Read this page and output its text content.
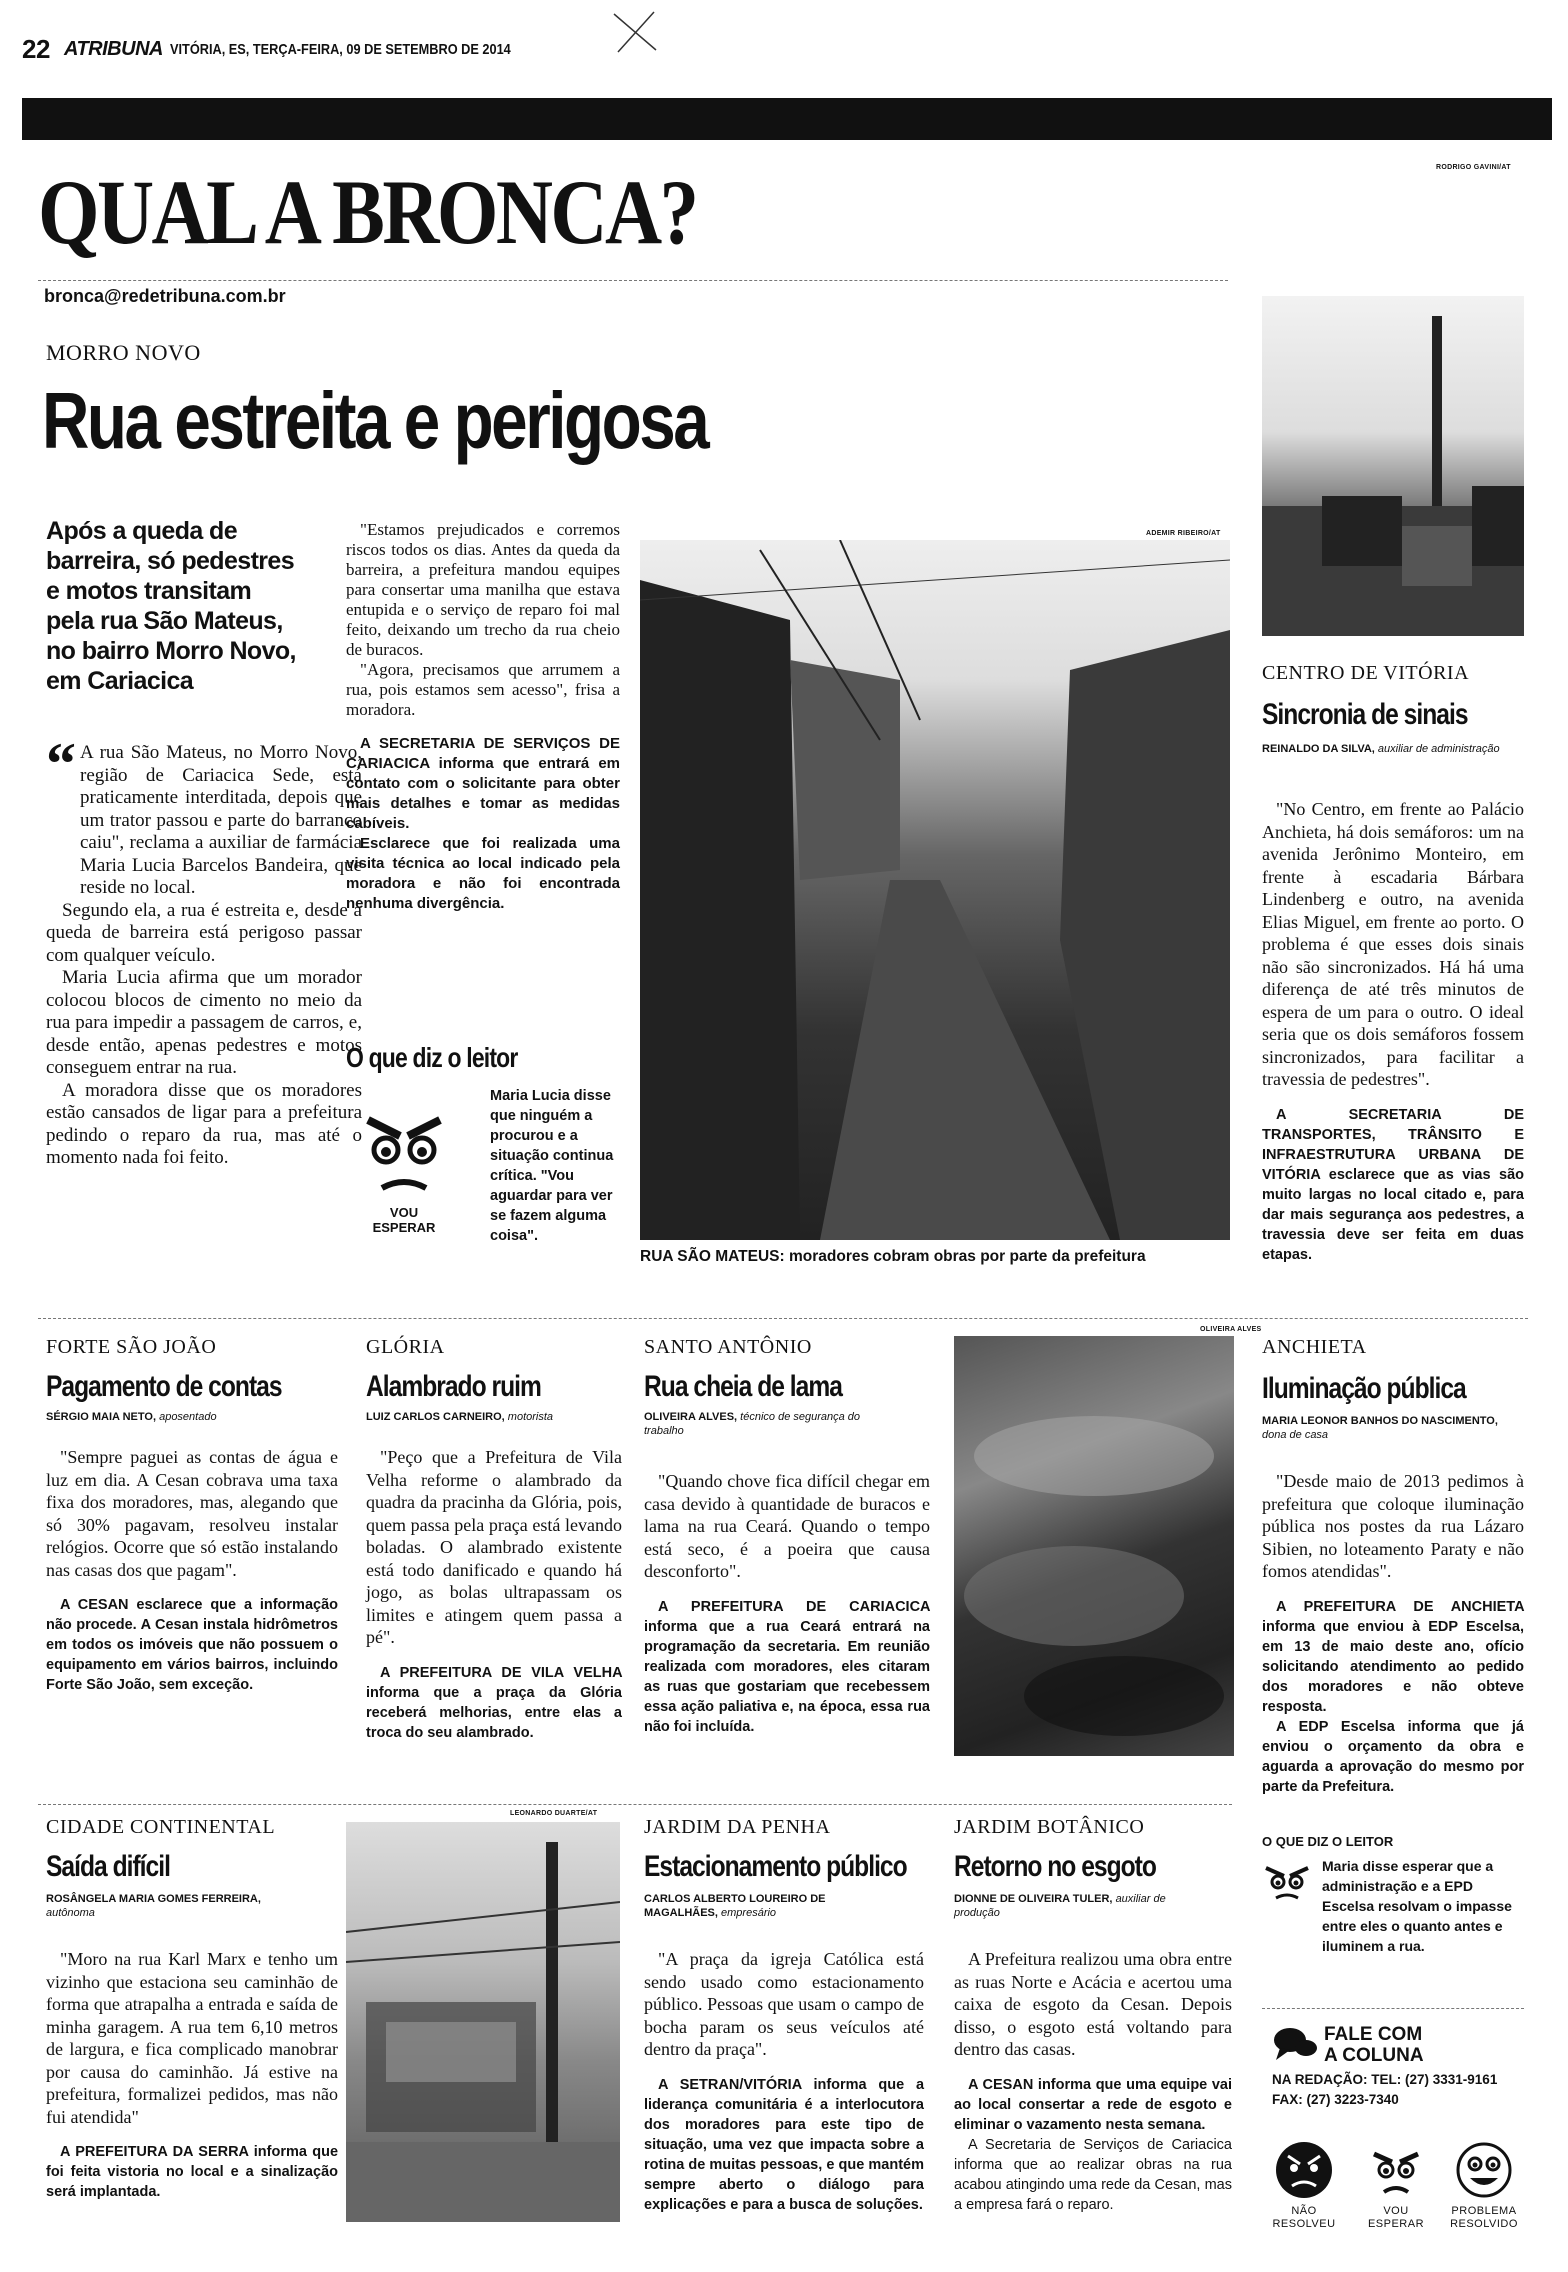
22 ATRIBUNA VITÓRIA, ES, TERÇA-FEIRA, 09 DE SETEMBRO DE 2014
QUAL A BRONCA?	RODRIGO GAVINI/AT
bronca@redetribuna.com.br
MORRO NOVO
Rua estreita e perigosa
Após a queda de barreira, só pedestres e motos transitam pela rua São Mateus, no bairro Morro Novo, em Cariacica
“ A rua São Mateus, no Morro Novo, região de Cariacica Sede, está praticamente interditada, depois que um trator passou e parte do barranco caiu", reclama a auxiliar de farmácia Maria Lucia Barcelos Bandeira, que reside no local.

Segundo ela, a rua é estreita e, desde a queda de barreira está perigoso passar com qualquer veículo.

Maria Lucia afirma que um morador colocou blocos de cimento no meio da rua para impedir a passagem de carros, e, desde então, apenas pedestres e motos conseguem entrar na rua.

A moradora disse que os moradores estão cansados de ligar para a prefeitura pedindo o reparo da rua, mas até o momento nada foi feito.

"Estamos prejudicados e corremos riscos todos os dias. Antes da queda da barreira, a prefeitura mandou equipes para consertar uma manilha que estava entupida e o serviço de reparo foi mal feito, deixando um trecho da rua cheio de buracos.

"Agora, precisamos que arrumem a rua, pois estamos sem acesso", frisa a moradora.

A SECRETARIA DE SERVIÇOS DE CARIACICA informa que entrará em contato com o solicitante para obter mais detalhes e tomar as medidas cabíveis.

Esclarece que foi realizada uma visita técnica ao local indicado pela moradora e não foi encontrada nenhuma divergência.

O que diz o leitor
VOU ESPERAR
Maria Lucia disse que ninguém a procurou e a situação continua crítica. "Vou aguardar para ver se fazem alguma coisa".
ADEMIR RIBEIRO/AT
RUA SÃO MATEUS: moradores cobram obras por parte da prefeitura
CENTRO DE VITÓRIA
Sincronia de sinais
REINALDO DA SILVA, auxiliar de administração

"No Centro, em frente ao Palácio Anchieta, há dois semáforos: um na avenida Jerônimo Monteiro, em frente à escadaria Bárbara Lindenberg e outro, na avenida Elias Miguel, em frente ao porto. O problema é que esses dois sinais não são sincronizados. Há há uma diferença de até três minutos de espera de um para o outro. O ideal seria que os dois semáforos fossem sincronizados, para facilitar a travessia de pedestres".

A SECRETARIA DE TRANSPORTES, TRÂNSITO E INFRAESTRUTURA URBANA DE VITÓRIA esclarece que as vias são muito largas no local citado e, para dar mais segurança aos pedestres, a travessia deve ser feita em duas etapas.

FORTE SÃO JOÃO
Pagamento de contas
SÉRGIO MAIA NETO, aposentado

"Sempre paguei as contas de água e luz em dia. A Cesan cobrava uma taxa fixa dos moradores, mas, alegando que só 30% pagavam, resolveu instalar relógios. Ocorre que só estão instalando nas casas dos que pagam".

A CESAN esclarece que a informação não procede. A Cesan instala hidrômetros em todos os imóveis que não possuem o equipamento em vários bairros, incluindo Forte São João, sem exceção.

GLÓRIA
Alambrado ruim
LUIZ CARLOS CARNEIRO, motorista

"Peço que a Prefeitura de Vila Velha reforme o alambrado da quadra da pracinha da Glória, pois, quem passa pela praça está levando boladas. O alambrado existente está todo danificado e quando há jogo, as bolas ultrapassam os limites e atingem quem passa a pé".

A PREFEITURA DE VILA VELHA informa que a praça da Glória receberá melhorias, entre elas a troca do seu alambrado.

SANTO ANTÔNIO
Rua cheia de lama
OLIVEIRA ALVES, técnico de segurança do trabalho

"Quando chove fica difícil chegar em casa devido à quantidade de buracos e lama na rua Ceará. Quando o tempo está seco, é a poeira que causa desconforto".

A PREFEITURA DE CARIACICA informa que a rua Ceará entrará na programação da secretaria. Em reunião realizada com moradores, eles citaram as ruas que gostariam que recebessem essa ação paliativa e, na época, essa rua não foi incluída.

OLIVEIRA ALVES
ANCHIETA
Iluminação pública
MARIA LEONOR BANHOS DO NASCIMENTO, dona de casa

"Desde maio de 2013 pedimos à prefeitura que coloque iluminação pública nos postes da rua Lázaro Sibien, no loteamento Paraty e não fomos atendidas".

A PREFEITURA DE ANCHIETA informa que enviou à EDP Escelsa, em 13 de maio deste ano, ofício solicitando atendimento ao pedido dos moradores e não obteve resposta.

A EDP Escelsa informa que já enviou o orçamento da obra e aguarda a aprovação do mesmo por parte da Prefeitura.

O QUE DIZ O LEITOR
Maria disse esperar que a administração e a EPD Escelsa resolvam o impasse entre eles o quanto antes e iluminem a rua.
CIDADE CONTINENTAL
Saída difícil
ROSÂNGELA MARIA GOMES FERREIRA, autônoma

"Moro na rua Karl Marx e tenho um vizinho que estaciona seu caminhão de forma que atrapalha a entrada e saída de minha garagem. A rua tem 6,10 metros de largura, e fica complicado manobrar por causa do caminhão. Já estive na prefeitura, formalizei pedidos, mas não fui atendida"

A PREFEITURA DA SERRA informa que foi feita vistoria no local e a sinalização será implantada.

LEONARDO DUARTE/AT
JARDIM DA PENHA
Estacionamento público
CARLOS ALBERTO LOUREIRO DE MAGALHÃES, empresário

"A praça da igreja Católica está sendo usado como estacionamento público. Pessoas que usam o campo de bocha param os seus veículos até dentro da praça".

A SETRAN/VITÓRIA informa que a liderança comunitária é a interlocutora dos moradores para este tipo de situação, uma vez que impacta sobre a rotina de muitas pessoas, e que mantém sempre aberto o diálogo para explicações e para a busca de soluções.

JARDIM BOTÂNICO
Retorno no esgoto
DIONNE DE OLIVEIRA TULER, auxiliar de produção

A Prefeitura realizou uma obra entre as ruas Norte e Acácia e acertou uma caixa de esgoto da Cesan. Depois disso, o esgoto está voltando para dentro das casas.

A CESAN informa que uma equipe vai ao local consertar a rede de esgoto e eliminar o vazamento nesta semana.

A Secretaria de Serviços de Cariacica informa que ao realizar obras na rua acabou atingindo uma rede da Cesan, mas a empresa fará o reparo.

FALE COM
A COLUNA
NA REDAÇÃO: TEL: (27) 3331-9161
FAX: (27) 3223-7340
NÃO RESOLVEU
VOU ESPERAR
PROBLEMA RESOLVIDO
